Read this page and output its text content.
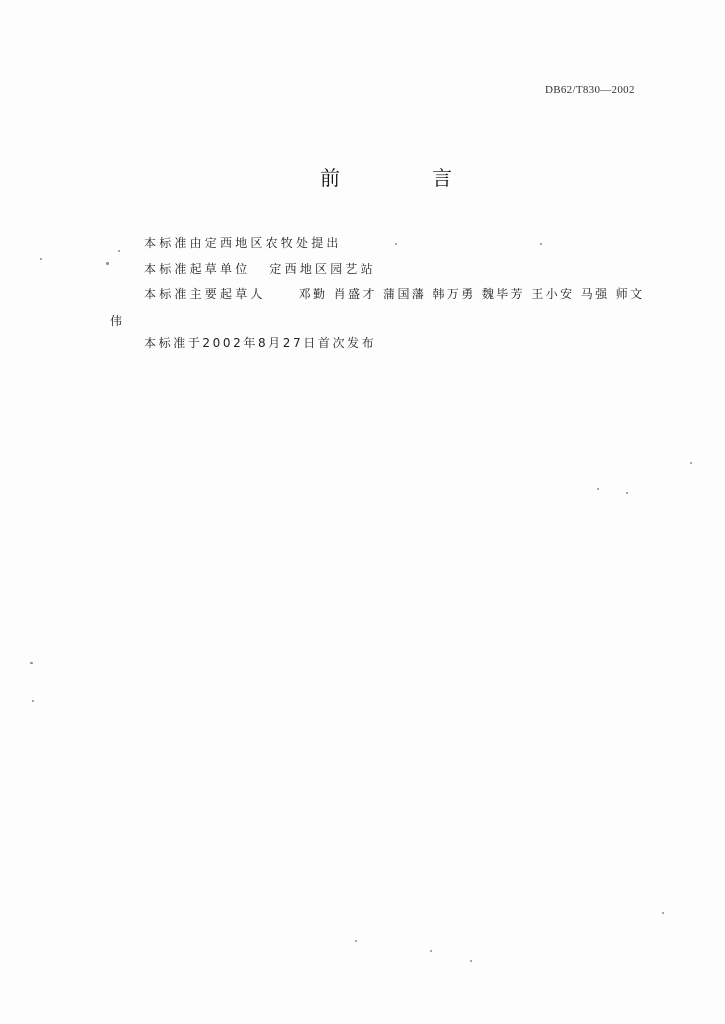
DB62/T830—2002
前	言
本标准由定西地区农牧处提出
本标准起草单位 定西地区园艺站
本标准主要起草人	邓勤 肖盛才 蒲国藩 韩万勇 魏毕芳 王小安 马强 师文
伟
本标准于2002年8月27日首次发布
